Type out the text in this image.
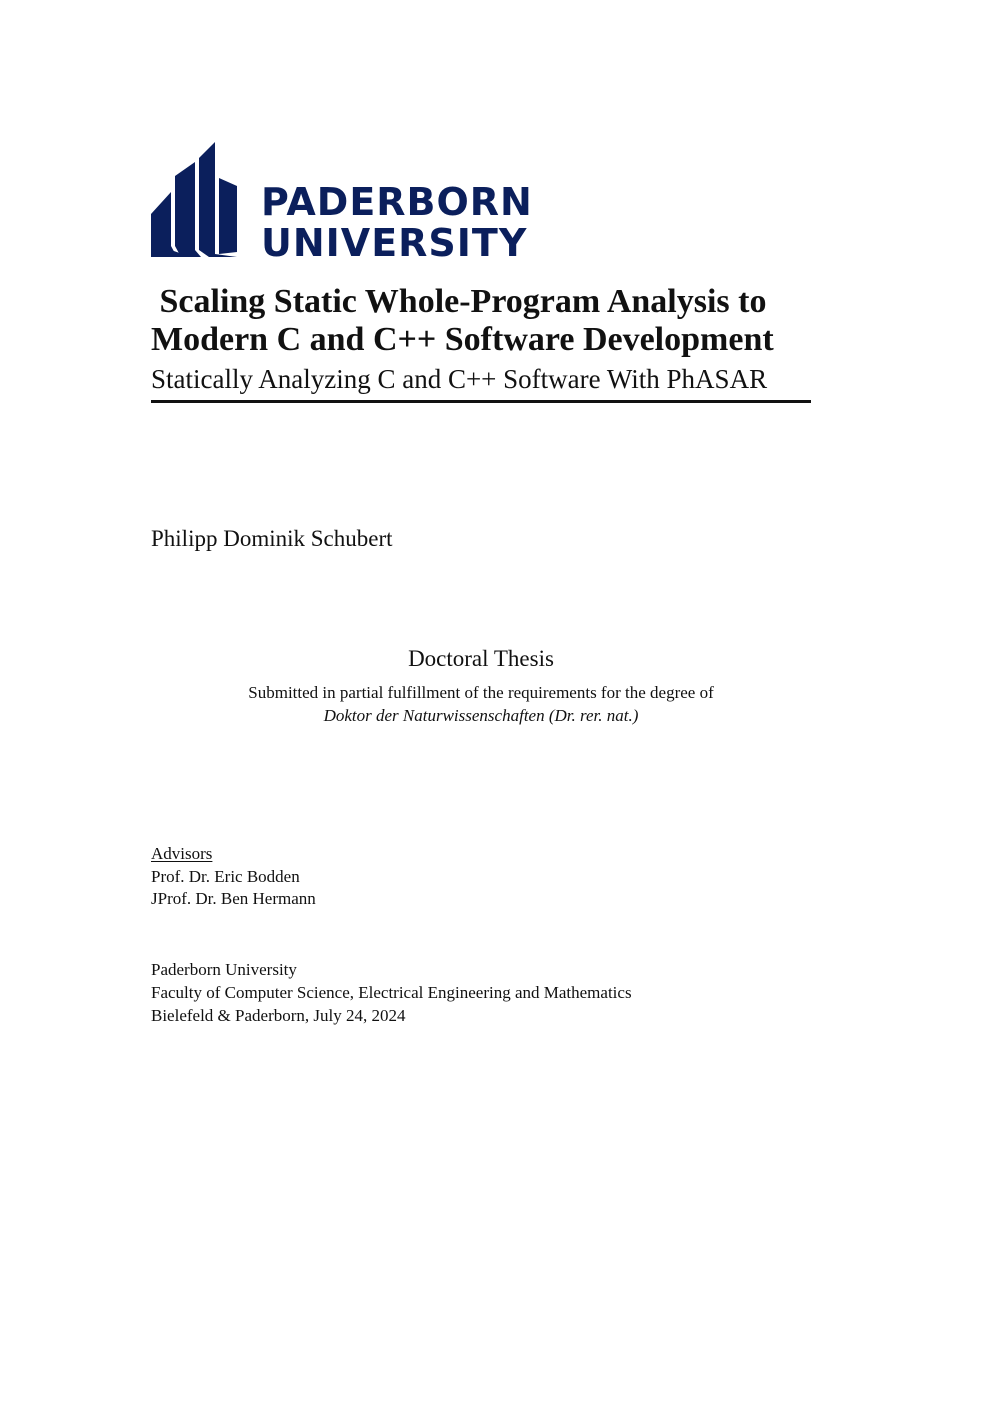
PADERBORN
UNIVERSITY
Scaling Static Whole-Program Analysis to
Modern C and C++ Software Development
Statically Analyzing C and C++ Software With PhASAR
Philipp Dominik Schubert
Doctoral Thesis
Submitted in partial fulfillment of the requirements for the degree of
Doktor der Naturwissenschaften (Dr. rer. nat.)
Advisors
Prof. Dr. Eric Bodden
JProf. Dr. Ben Hermann
Paderborn University
Faculty of Computer Science, Electrical Engineering and Mathematics
Bielefeld & Paderborn, July 24, 2024
